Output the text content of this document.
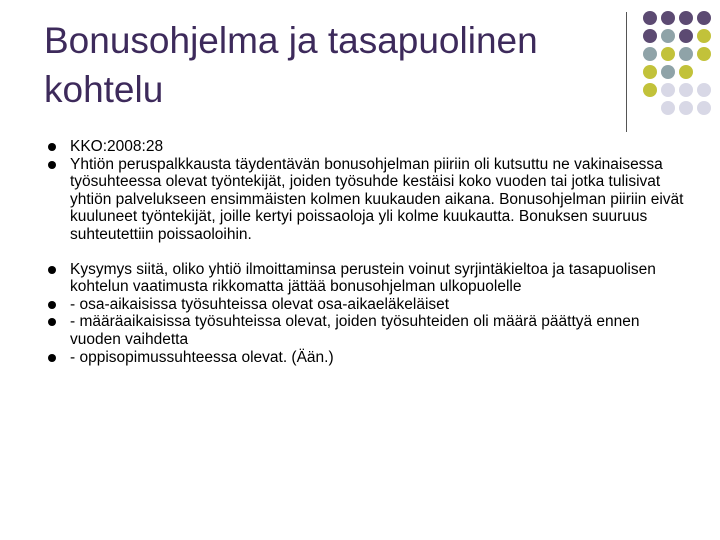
Bonusohjelma ja tasapuolinen
kohtelu
KKO:2008:28
Yhtiön peruspalkkausta täydentävän bonusohjelman piiriin oli kutsuttu ne vakinaisessa työsuhteessa olevat työntekijät, joiden työsuhde kestäisi koko vuoden tai jotka tulisivat yhtiön palvelukseen ensimmäisten kolmen kuukauden aikana. Bonusohjelman piiriin eivät kuuluneet työntekijät, joille kertyi poissaoloja yli kolme kuukautta. Bonuksen suuruus suhteutettiin poissaoloihin.
Kysymys siitä, oliko yhtiö ilmoittaminsa perustein voinut syrjintäkieltoa ja tasapuolisen kohtelun vaatimusta rikkomatta jättää bonusohjelman ulkopuolelle
- osa-aikaisissa työsuhteissa olevat osa-aikaeläkeläiset
- määräaikaisissa työsuhteissa olevat, joiden työsuhteiden oli määrä päättyä ennen vuoden vaihdetta
- oppisopimussuhteessa olevat. (Ään.)
